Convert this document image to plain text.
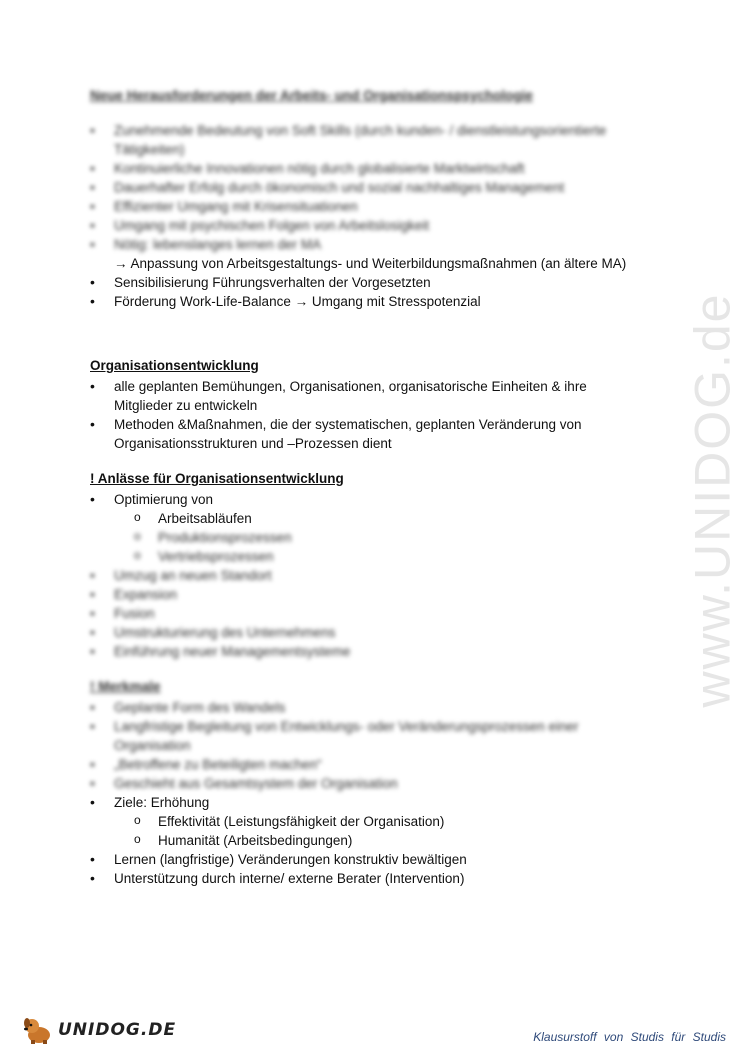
www.UNIDOG.de
Neue Herausforderungen der Arbeits- und Organisationspsychologie
• Zunehmende Bedeutung von Soft Skills (durch kunden- / dienstleistungsorientierte
Tätigkeiten)
• Kontinuierliche Innovationen nötig durch globalisierte Marktwirtschaft
• Dauerhafter Erfolg durch ökonomisch und sozial nachhaltiges Management
• Effizienter Umgang mit Krisensituationen
• Umgang mit psychischen Folgen von Arbeitslosigkeit
• Nötig: lebenslanges lernen der MA
→ Anpassung von Arbeitsgestaltungs- und Weiterbildungsmaßnahmen (an ältere MA)
• Sensibilisierung Führungsverhalten der Vorgesetzten
• Förderung Work-Life-Balance → Umgang mit Stresspotenzial
Organisationsentwicklung
• alle geplanten Bemühungen, Organisationen, organisatorische Einheiten & ihre
Mitglieder zu entwickeln
• Methoden &Maßnahmen, die der systematischen, geplanten Veränderung von
Organisationsstrukturen und –Prozessen dient
! Anlässe für Organisationsentwicklung
• Optimierung von
o Arbeitsabläufen
o Produktionsprozessen
o Vertriebsprozessen
• Umzug an neuen Standort
• Expansion
• Fusion
• Umstrukturierung des Unternehmens
• Einführung neuer Managementsysteme
! Merkmale
• Geplante Form des Wandels
• Langfristige Begleitung von Entwicklungs- oder Veränderungsprozessen einer
Organisation
• „Betroffene zu Beteiligten machen“
• Geschieht aus Gesamtsystem der Organisation
• Ziele: Erhöhung
o Effektivität (Leistungsfähigkeit der Organisation)
o Humanität (Arbeitsbedingungen)
• Lernen (langfristige) Veränderungen konstruktiv bewältigen
• Unterstützung durch interne/ externe Berater (Intervention)
UNIDOG.DE	Klausurstoff von Studis für Studis
